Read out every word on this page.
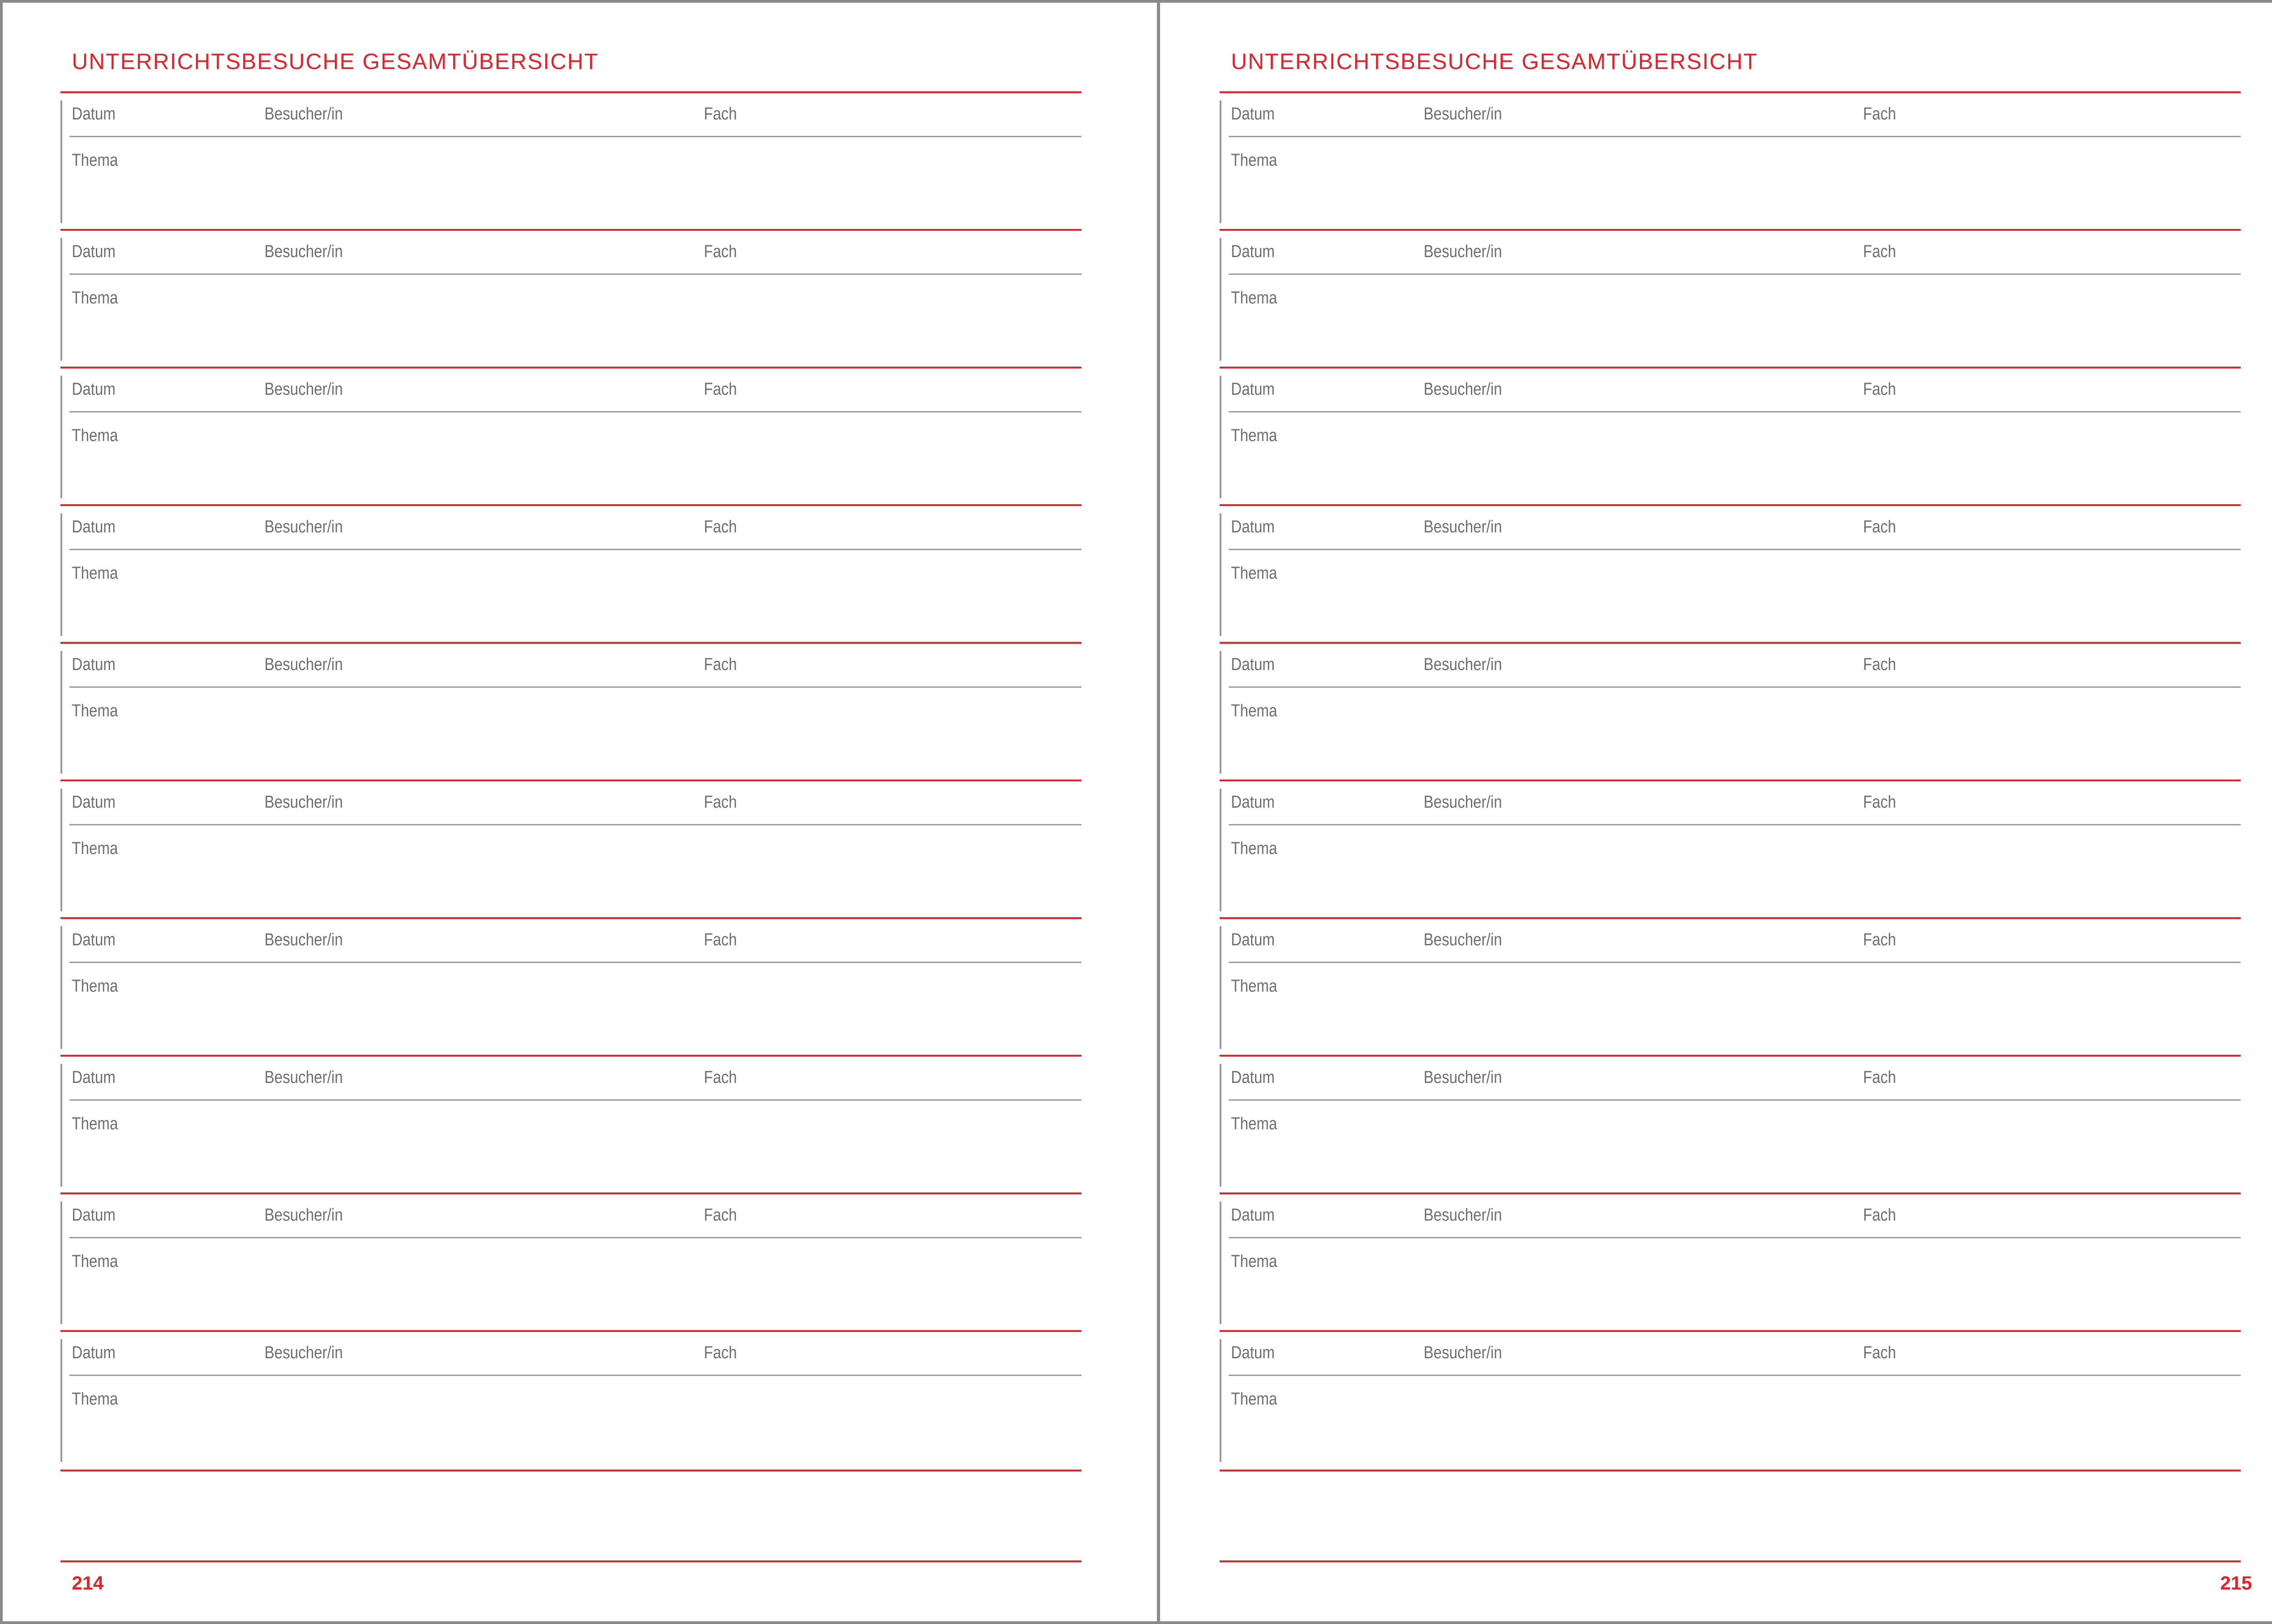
UNTERRICHTSBESUCHE GESAMTÜBERSICHT
Datum	Besucher/in	Fach
Thema
Datum	Besucher/in	Fach
Thema
Datum	Besucher/in	Fach
Thema
Datum	Besucher/in	Fach
Thema
Datum	Besucher/in	Fach
Thema
Datum	Besucher/in	Fach
Thema
Datum	Besucher/in	Fach
Thema
Datum	Besucher/in	Fach
Thema
Datum	Besucher/in	Fach
Thema
Datum	Besucher/in	Fach
Thema
214
UNTERRICHTSBESUCHE GESAMTÜBERSICHT
Datum	Besucher/in	Fach
Thema
Datum	Besucher/in	Fach
Thema
Datum	Besucher/in	Fach
Thema
Datum	Besucher/in	Fach
Thema
Datum	Besucher/in	Fach
Thema
Datum	Besucher/in	Fach
Thema
Datum	Besucher/in	Fach
Thema
Datum	Besucher/in	Fach
Thema
Datum	Besucher/in	Fach
Thema
Datum	Besucher/in	Fach
Thema
215
